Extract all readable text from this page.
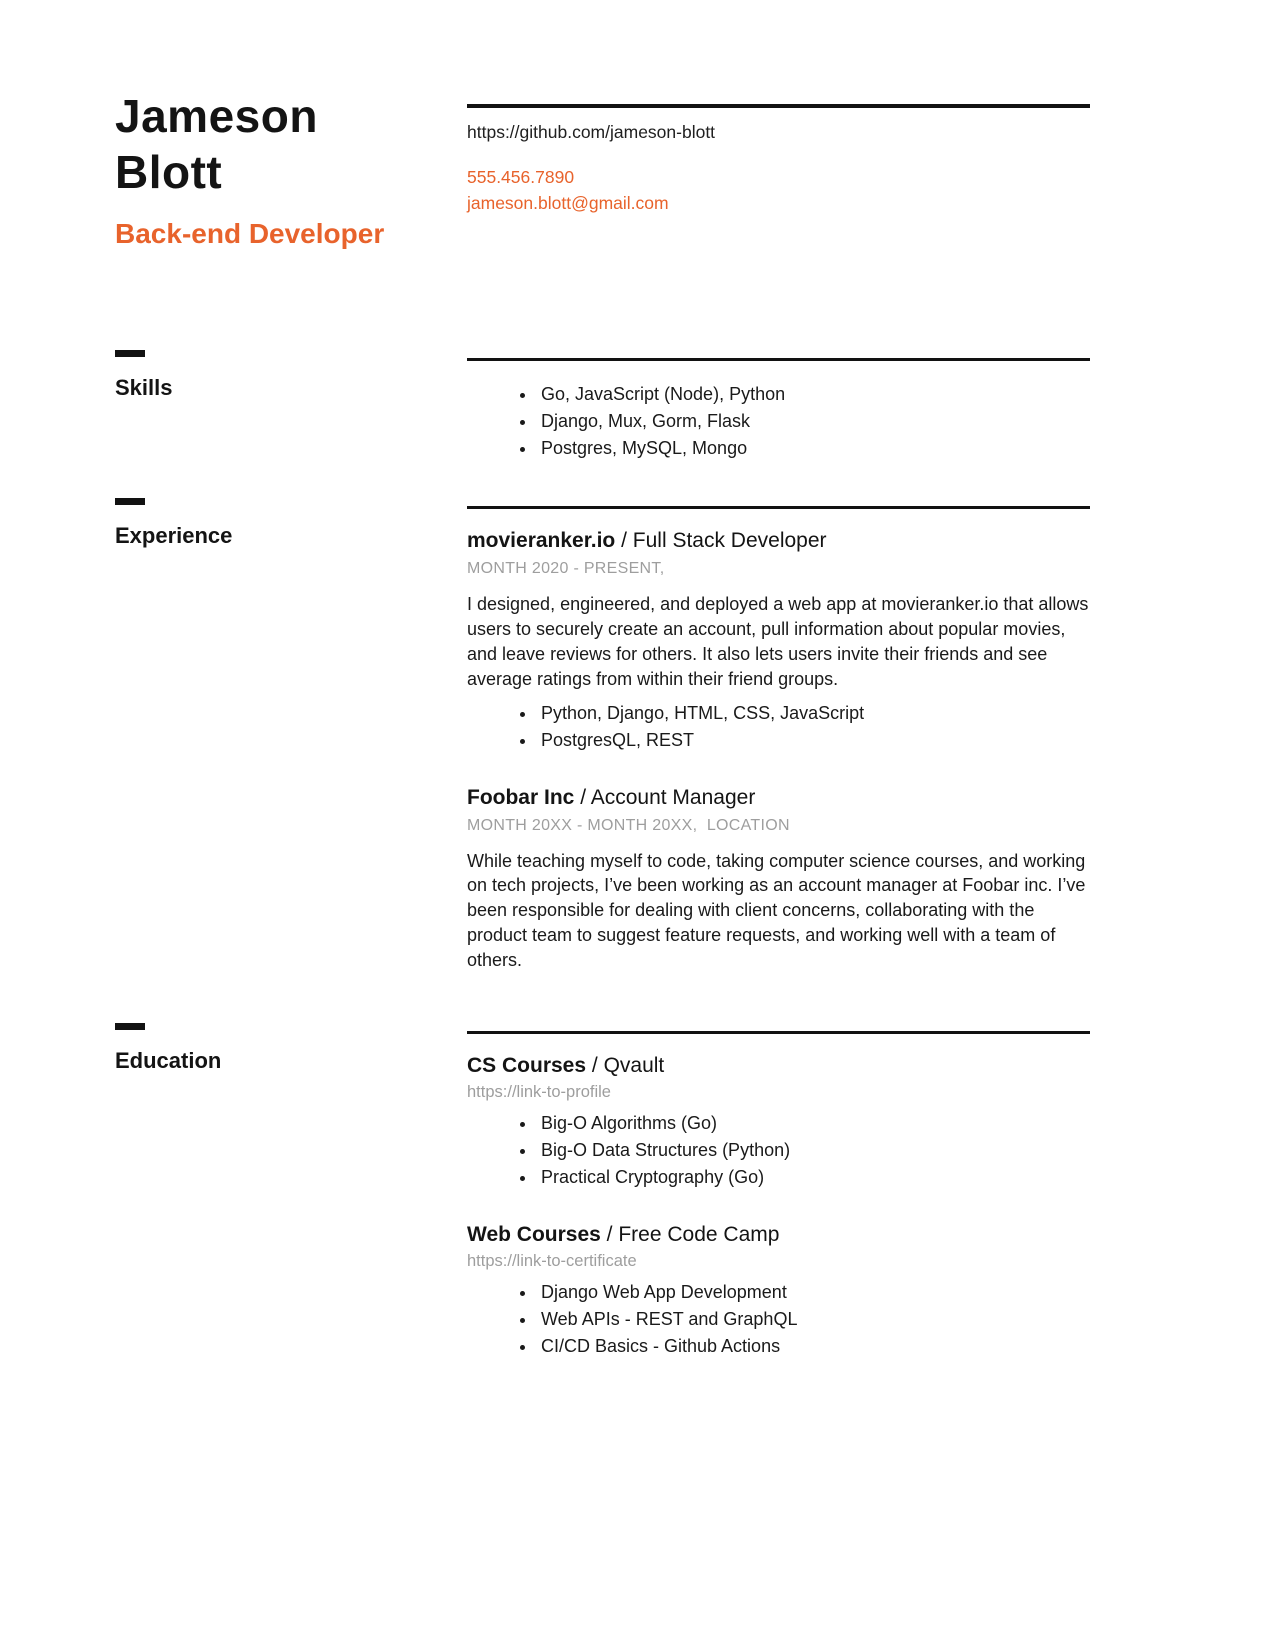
Jameson
Blott
Back-end Developer
https://github.com/jameson-blott
555.456.7890
jameson.blott@gmail.com
Skills	• Go, JavaScript (Node), Python
• Django, Mux, Gorm, Flask
• Postgres, MySQL, Mongo
Experience	movieranker.io / Full Stack Developer
MONTH 2020 - PRESENT,
I designed, engineered, and deployed a web app at movieranker.io that allows users to securely create an account, pull information about popular movies, and leave reviews for others. It also lets users invite their friends and see average ratings from within their friend groups.
• Python, Django, HTML, CSS, JavaScript
• PostgresQL, REST
Foobar Inc / Account Manager
MONTH 20XX - MONTH 20XX,  LOCATION
While teaching myself to code, taking computer science courses, and working on tech projects, I’ve been working as an account manager at Foobar inc. I’ve been responsible for dealing with client concerns, collaborating with the product team to suggest feature requests, and working well with a team of others.
Education	CS Courses / Qvault
https://link-to-profile
• Big-O Algorithms (Go)
• Big-O Data Structures (Python)
• Practical Cryptography (Go)
Web Courses / Free Code Camp
https://link-to-certificate
• Django Web App Development
• Web APIs - REST and GraphQL
• CI/CD Basics - Github Actions
